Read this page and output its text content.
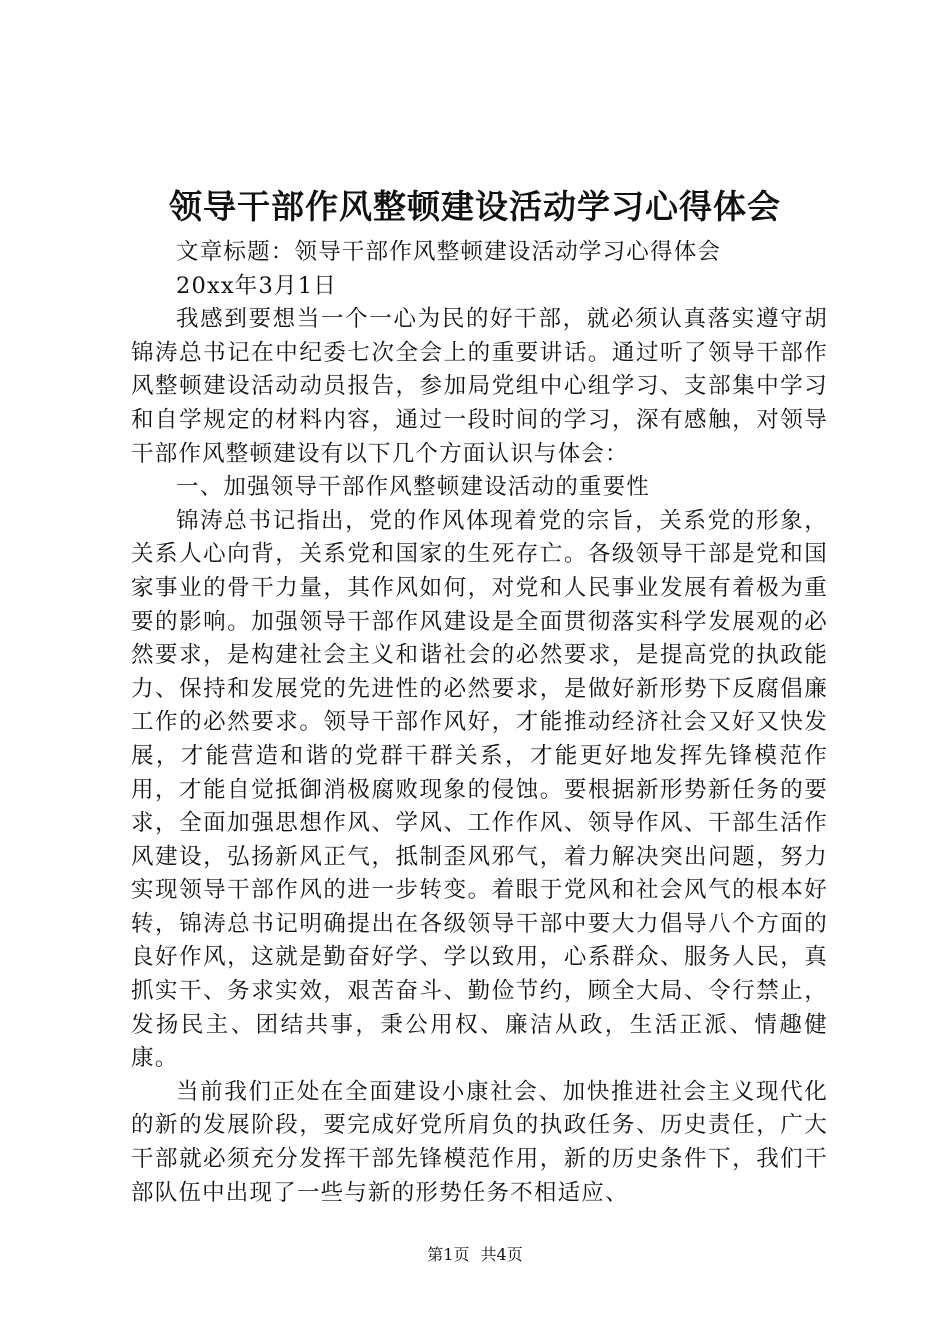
领导干部作风整顿建设活动学习心得体会

文章标题：领导干部作风整顿建设活动学习心得体会

20xx年3月1日

我感到要想当一个一心为民的好干部，就必须认真落实遵守胡锦涛总书记在中纪委七次全会上的重要讲话。通过听了领导干部作风整顿建设活动动员报告，参加局党组中心组学习、支部集中学习和自学规定的材料内容，通过一段时间的学习，深有感触，对领导干部作风整顿建设有以下几个方面认识与体会：

一、加强领导干部作风整顿建设活动的重要性

锦涛总书记指出，党的作风体现着党的宗旨，关系党的形象，关系人心向背，关系党和国家的生死存亡。各级领导干部是党和国家事业的骨干力量，其作风如何，对党和人民事业发展有着极为重要的影响。加强领导干部作风建设是全面贯彻落实科学发展观的必然要求，是构建社会主义和谐社会的必然要求，是提高党的执政能力、保持和发展党的先进性的必然要求，是做好新形势下反腐倡廉工作的必然要求。领导干部作风好，才能推动经济社会又好又快发展，才能营造和谐的党群干群关系，才能更好地发挥先锋模范作用，才能自觉抵御消极腐败现象的侵蚀。要根据新形势新任务的要求，全面加强思想作风、学风、工作作风、领导作风、干部生活作风建设，弘扬新风正气，抵制歪风邪气，着力解决突出问题，努力实现领导干部作风的进一步转变。着眼于党风和社会风气的根本好转，锦涛总书记明确提出在各级领导干部中要大力倡导八个方面的良好作风，这就是勤奋好学、学以致用，心系群众、服务人民，真抓实干、务求实效，艰苦奋斗、勤俭节约，顾全大局、令行禁止，发扬民主、团结共事，秉公用权、廉洁从政，生活正派、情趣健康。

当前我们正处在全面建设小康社会、加快推进社会主义现代化的新的发展阶段，要完成好党所肩负的执政任务、历史责任，广大干部就必须充分发挥干部先锋模范作用，新的历史条件下，我们干部队伍中出现了一些与新的形势任务不相适应、

第1页 共4页
